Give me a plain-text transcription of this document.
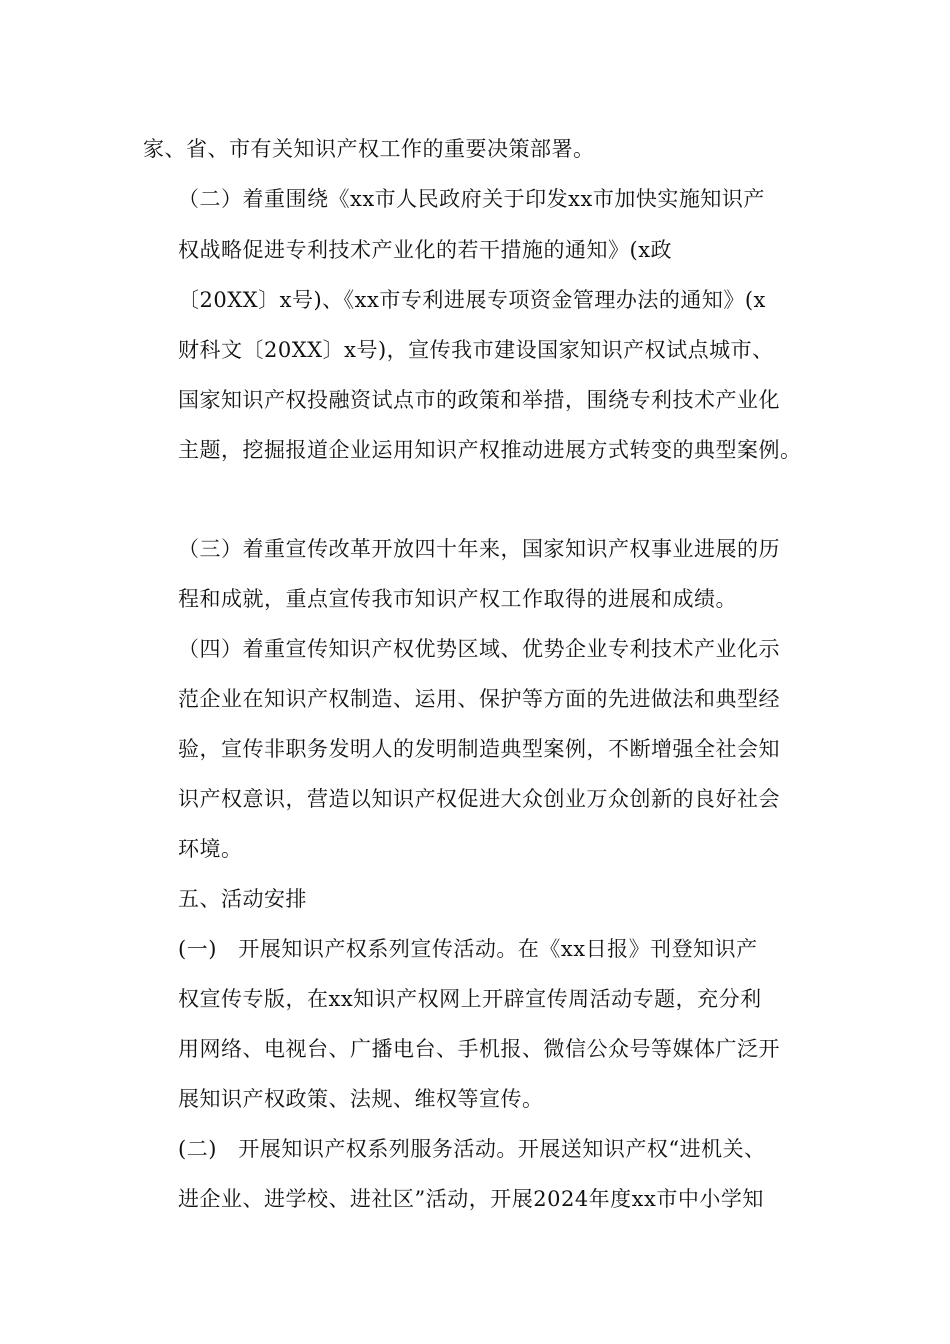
家、省、市有关知识产权工作的重要决策部署。
（二）着重围绕《xx市人民政府关于印发xx市加快实施知识产
权战略促进专利技术产业化的若干措施的通知》(x政
〔20XX〕x号)、《xx市专利进展专项资金管理办法的通知》(x
财科文〔20XX〕x号)，宣传我市建设国家知识产权试点城市、
国家知识产权投融资试点市的政策和举措，围绕专利技术产业化
主题，挖掘报道企业运用知识产权推动进展方式转变的典型案例。
（三）着重宣传改革开放四十年来，国家知识产权事业进展的历
程和成就，重点宣传我市知识产权工作取得的进展和成绩。
（四）着重宣传知识产权优势区域、优势企业专利技术产业化示
范企业在知识产权制造、运用、保护等方面的先进做法和典型经
验，宣传非职务发明人的发明制造典型案例，不断增强全社会知
识产权意识，营造以知识产权促进大众创业万众创新的良好社会
环境。
五、活动安排
(一)　开展知识产权系列宣传活动。在《xx日报》刊登知识产
权宣传专版，在xx知识产权网上开辟宣传周活动专题，充分利
用网络、电视台、广播电台、手机报、微信公众号等媒体广泛开
展知识产权政策、法规、维权等宣传。
(二)　开展知识产权系列服务活动。开展送知识产权“进机关、
进企业、进学校、进社区”活动，开展2024年度xx市中小学知
